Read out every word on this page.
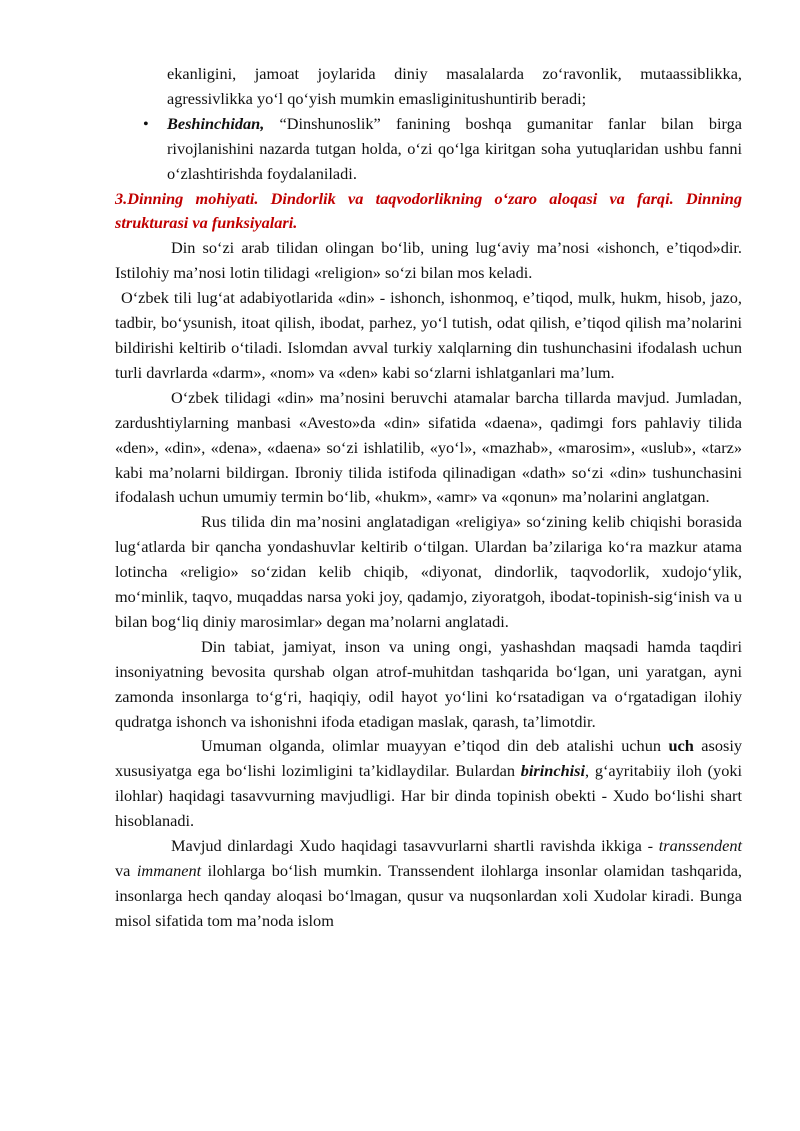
ekanligini, jamoat joylarida diniy masalalarda zoʻravonlik, mutaassiblikka, agressivlikka yoʻl qoʻyish mumkin emasliginitushuntirib beradi;
• Beshinchidan, “Dinshunoslik” fanining boshqa gumanitar fanlar bilan birga rivojlanishini nazarda tutgan holda, oʻzi qoʻlga kiritgan soha yutuqlaridan ushbu fanni oʻzlashtirishda foydalaniladi.

3.Dinning mohiyati. Dindorlik va taqvodorlikning oʻzaro aloqasi va farqi. Dinning strukturasi va funksiyalari.

Din soʻzi arab tilidan olingan boʻlib, uning lugʻaviy maʼnosi «ishonch, eʼtiqod»dir. Istilohiy maʼnosi lotin tilidagi «religion» soʻzi bilan mos keladi.

Oʻzbek tili lugʻat adabiyotlarida «din» - ishonch, ishonmoq, eʼtiqod, mulk, hukm, hisob, jazo, tadbir, boʻysunish, itoat qilish, ibodat, parhez, yoʻl tutish, odat qilish, eʼtiqod qilish maʼnolarini bildirishi keltirib oʻtiladi. Islomdan avval turkiy xalqlarning din tushunchasini ifodalash uchun turli davrlarda «darm», «nom» va «den» kabi soʻzlarni ishlatganlari maʼlum.

Oʻzbek tilidagi «din» maʼnosini beruvchi atamalar barcha tillarda mavjud. Jumladan, zardushtiylarning manbasi «Avesto»da «din» sifatida «daena», qadimgi fors pahlaviy tilida «den», «din», «dena», «daena» soʻzi ishlatilib, «yoʻl», «mazhab», «marosim», «uslub», «tarz» kabi maʼnolarni bildirgan. Ibroniy tilida istifoda qilinadigan «dath» soʻzi «din» tushunchasini ifodalash uchun umumiy termin boʻlib, «hukm», «amr» va «qonun» maʼnolarini anglatgan.

Rus tilida din maʼnosini anglatadigan «religiya» soʻzining kelib chiqishi borasida lugʻatlarda bir qancha yondashuvlar keltirib oʻtilgan. Ulardan baʼzilariga koʻra mazkur atama lotincha «religio» soʻzidan kelib chiqib, «diyonat, dindorlik, taqvodorlik, xudojoʻylik, moʻminlik, taqvo, muqaddas narsa yoki joy, qadamjo, ziyoratgoh, ibodat-topinish-sigʻinish va u bilan bogʻliq diniy marosimlar» degan maʼnolarni anglatadi.

Din tabiat, jamiyat, inson va uning ongi, yashashdan maqsadi hamda taqdiri insoniyatning bevosita qurshab olgan atrof-muhitdan tashqarida boʻlgan, uni yaratgan, ayni zamonda insonlarga toʻgʻri, haqiqiy, odil hayot yoʻlini koʻrsatadigan va oʻrgatadigan ilohiy qudratga ishonch va ishonishni ifoda etadigan maslak, qarash, taʼlimotdir.

Umuman olganda, olimlar muayyan eʼtiqod din deb atalishi uchun uch asosiy xususiyatga ega boʻlishi lozimligini taʼkidlaydilar. Bulardan birinchisi, gʻayritabiiy iloh (yoki ilohlar) haqidagi tasavvurning mavjudligi. Har bir dinda topinish obekti - Xudo boʻlishi shart hisoblanadi.

Mavjud dinlardagi Xudo haqidagi tasavvurlarni shartli ravishda ikkiga - transsendent va immanent ilohlarga boʻlish mumkin. Transsendent ilohlarga insonlar olamidan tashqarida, insonlarga hech qanday aloqasi boʻlmagan, qusur va nuqsonlardan xoli Xudolar kiradi. Bunga misol sifatida tom maʼnoda islom
